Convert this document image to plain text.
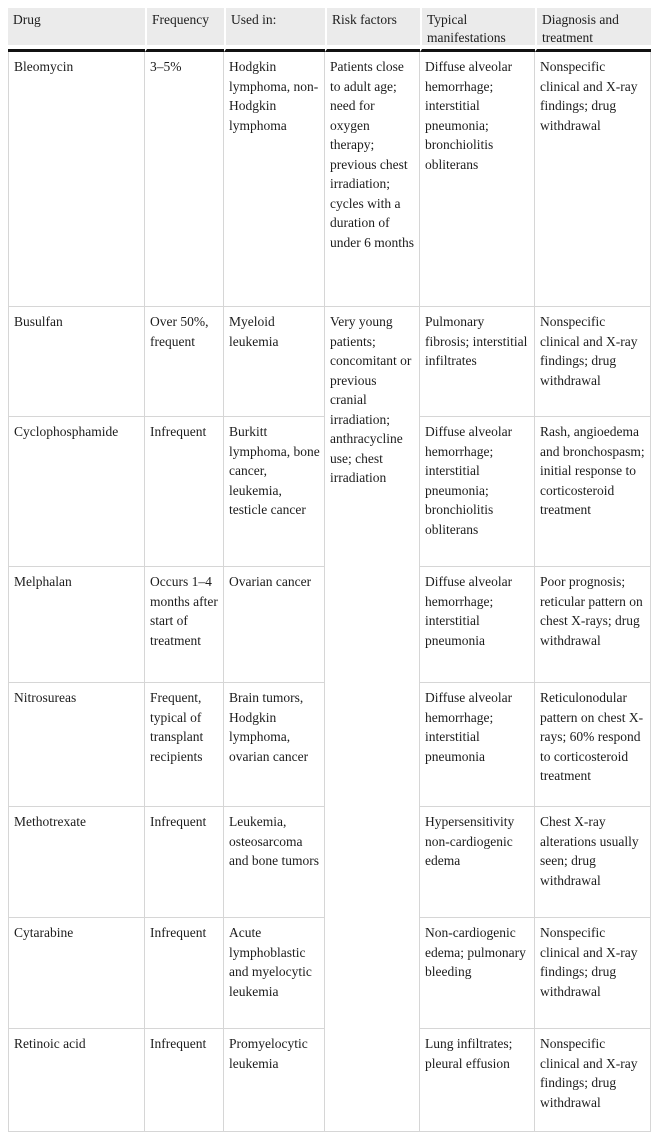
Drug	Frequency	Used in:	Risk factors	Typical manifestations	Diagnosis and treatment

Bleomycin	3–5%	Hodgkin lymphoma, non-Hodgkin lymphoma	Patients close to adult age; need for oxygen therapy; previous chest irradiation; cycles with a duration of under 6 months	Diffuse alveolar hemorrhage; interstitial pneumonia; bronchiolitis obliterans	Nonspecific clinical and X-ray findings; drug withdrawal
Busulfan	Over 50%, frequent	Myeloid leukemia	Very young patients; concomitant or previous cranial irradiation; anthracycline use; chest irradiation	Pulmonary fibrosis; interstitial infiltrates	Nonspecific clinical and X-ray findings; drug withdrawal
Cyclophosphamide	Infrequent	Burkitt lymphoma, bone cancer, leukemia, testicle cancer		Diffuse alveolar hemorrhage; interstitial pneumonia; bronchiolitis obliterans	Rash, angioedema and bronchospasm; initial response to corticosteroid treatment
Melphalan	Occurs 1–4 months after start of treatment	Ovarian cancer		Diffuse alveolar hemorrhage; interstitial pneumonia	Poor prognosis; reticular pattern on chest X-rays; drug withdrawal
Nitrosureas	Frequent, typical of transplant recipients	Brain tumors, Hodgkin lymphoma, ovarian cancer		Diffuse alveolar hemorrhage; interstitial pneumonia	Reticulonodular pattern on chest X-rays; 60% respond to corticosteroid treatment
Methotrexate	Infrequent	Leukemia, osteosarcoma and bone tumors		Hypersensitivity non-cardiogenic edema	Chest X-ray alterations usually seen; drug withdrawal
Cytarabine	Infrequent	Acute lymphoblastic and myelocytic leukemia		Non-cardiogenic edema; pulmonary bleeding	Nonspecific clinical and X-ray findings; drug withdrawal
Retinoic acid	Infrequent	Promyelocytic leukemia		Lung infiltrates; pleural effusion	Nonspecific clinical and X-ray findings; drug withdrawal
